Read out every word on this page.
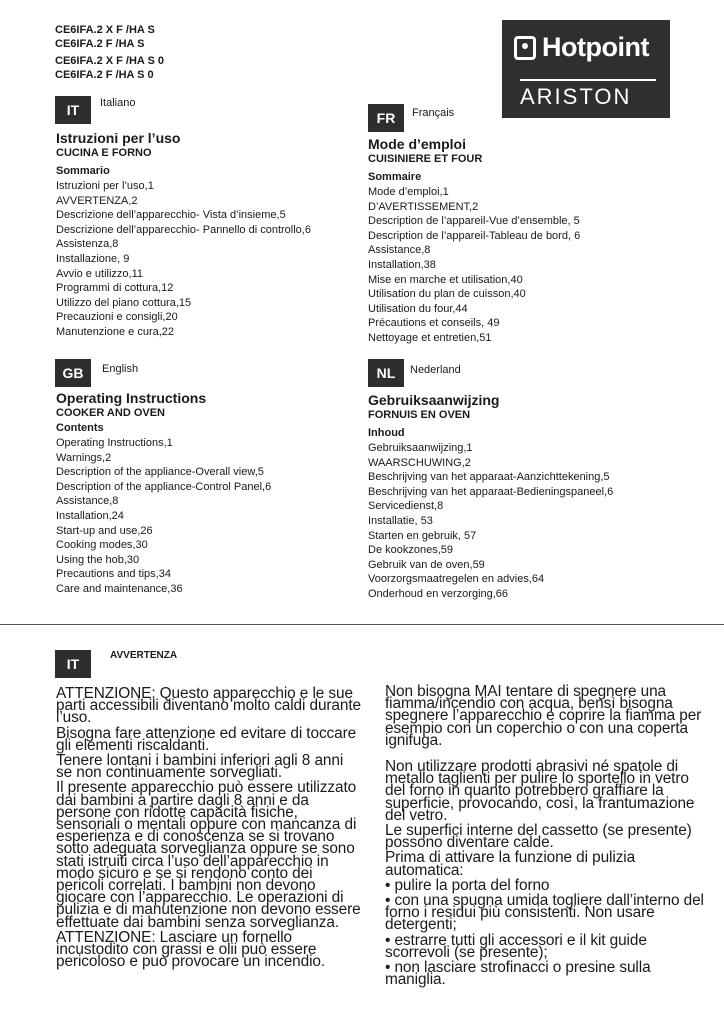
CE6IFA.2 X F /HA S
CE6IFA.2 F /HA S
CE6IFA.2 X F /HA S 0
CE6IFA.2 F /HA S 0
Hotpoint
ARISTON
IT	Italiano
Istruzioni per l’uso
CUCINA E FORNO
Sommario
Istruzioni per l’uso,1
AVVERTENZA,2
Descrizione dell’apparecchio- Vista d’insieme,5
Descrizione dell’apparecchio- Pannello di controllo,6
Assistenza,8
Installazione, 9
Avvio e utilizzo,11
Programmi di cottura,12
Utilizzo del piano cottura,15
Precauzioni e consigli,20
Manutenzione e cura,22
FR	Français
Mode d’emploi
CUISINIERE ET FOUR
Sommaire
Mode d’emploi,1
D’AVERTISSEMENT,2
Description de l’appareil-Vue d’ensemble, 5
Description de l’appareil-Tableau de bord, 6
Assistance,8
Installation,38
Mise en marche et utilisation,40
Utilisation du plan de cuisson,40
Utilisation du four,44
Précautions et conseils, 49
Nettoyage et entretien,51
GB	English
Operating Instructions
COOKER AND OVEN
Contents
Operating Instructions,1
Warnings,2
Description of the appliance-Overall view,5
Description of the appliance-Control Panel,6
Assistance,8
Installation,24
Start-up and use,26
Cooking modes,30
Using the hob,30
Precautions and tips,34
Care and maintenance,36
NL	Nederland
Gebruiksaanwijzing
FORNUIS EN OVEN
Inhoud
Gebruiksaanwijzing,1
WAARSCHUWING,2
Beschrijving van het apparaat-Aanzichttekening,5
Beschrijving van het apparaat-Bedieningspaneel,6
Servicedienst,8
Installatie, 53
Starten en gebruik, 57
De kookzones,59
Gebruik van de oven,59
Voorzorgsmaatregelen en advies,64
Onderhoud en verzorging,66
IT
AVVERTENZA

ATTENZIONE: Questo apparecchio e le sue parti accessibili diventano molto caldi durante l’uso.

Bisogna fare attenzione ed evitare di toccare gli elementi riscaldanti.

Tenere lontani i bambini inferiori agli 8 anni se non continuamente sorvegliati.

Il presente apparecchio può essere utilizzato dai bambini a partire dagli 8 anni e da persone con ridotte capacità fisiche, sensoriali o mentali oppure con mancanza di esperienza e di conoscenza se si trovano sotto adeguata sorveglianza oppure se sono stati istruiti circa l’uso dell’apparecchio in modo sicuro e se si rendono conto dei pericoli correlati. I bambini non devono giocare con l’apparecchio. Le operazioni di pulizia e di manutenzione non devono essere effettuate dai bambini senza sorveglianza.

ATTENZIONE: Lasciare un fornello incustodito con grassi e olii può essere pericoloso e può provocare un incendio.

Non bisogna MAI tentare di spegnere una fiamma/incendio con acqua, bensì bisogna spegnere l’apparecchio e coprire la fiamma per esempio con un coperchio o con una coperta ignifuga.

Non utilizzare prodotti abrasivi né spatole di metallo taglienti per pulire lo sportello in vetro del forno in quanto potrebbero graffiare la superficie, provocando, così, la frantumazione del vetro.

Le superfici interne del cassetto (se presente) possono diventare calde.

Prima di attivare la funzione di pulizia automatica:

• pulire la porta del forno

• con una spugna umida togliere dall’interno del forno i residui più consistenti. Non usare detergenti;

• estrarre tutti gli accessori e il kit guide scorrevoli (se presente);

• non lasciare strofinacci o presine sulla maniglia.
